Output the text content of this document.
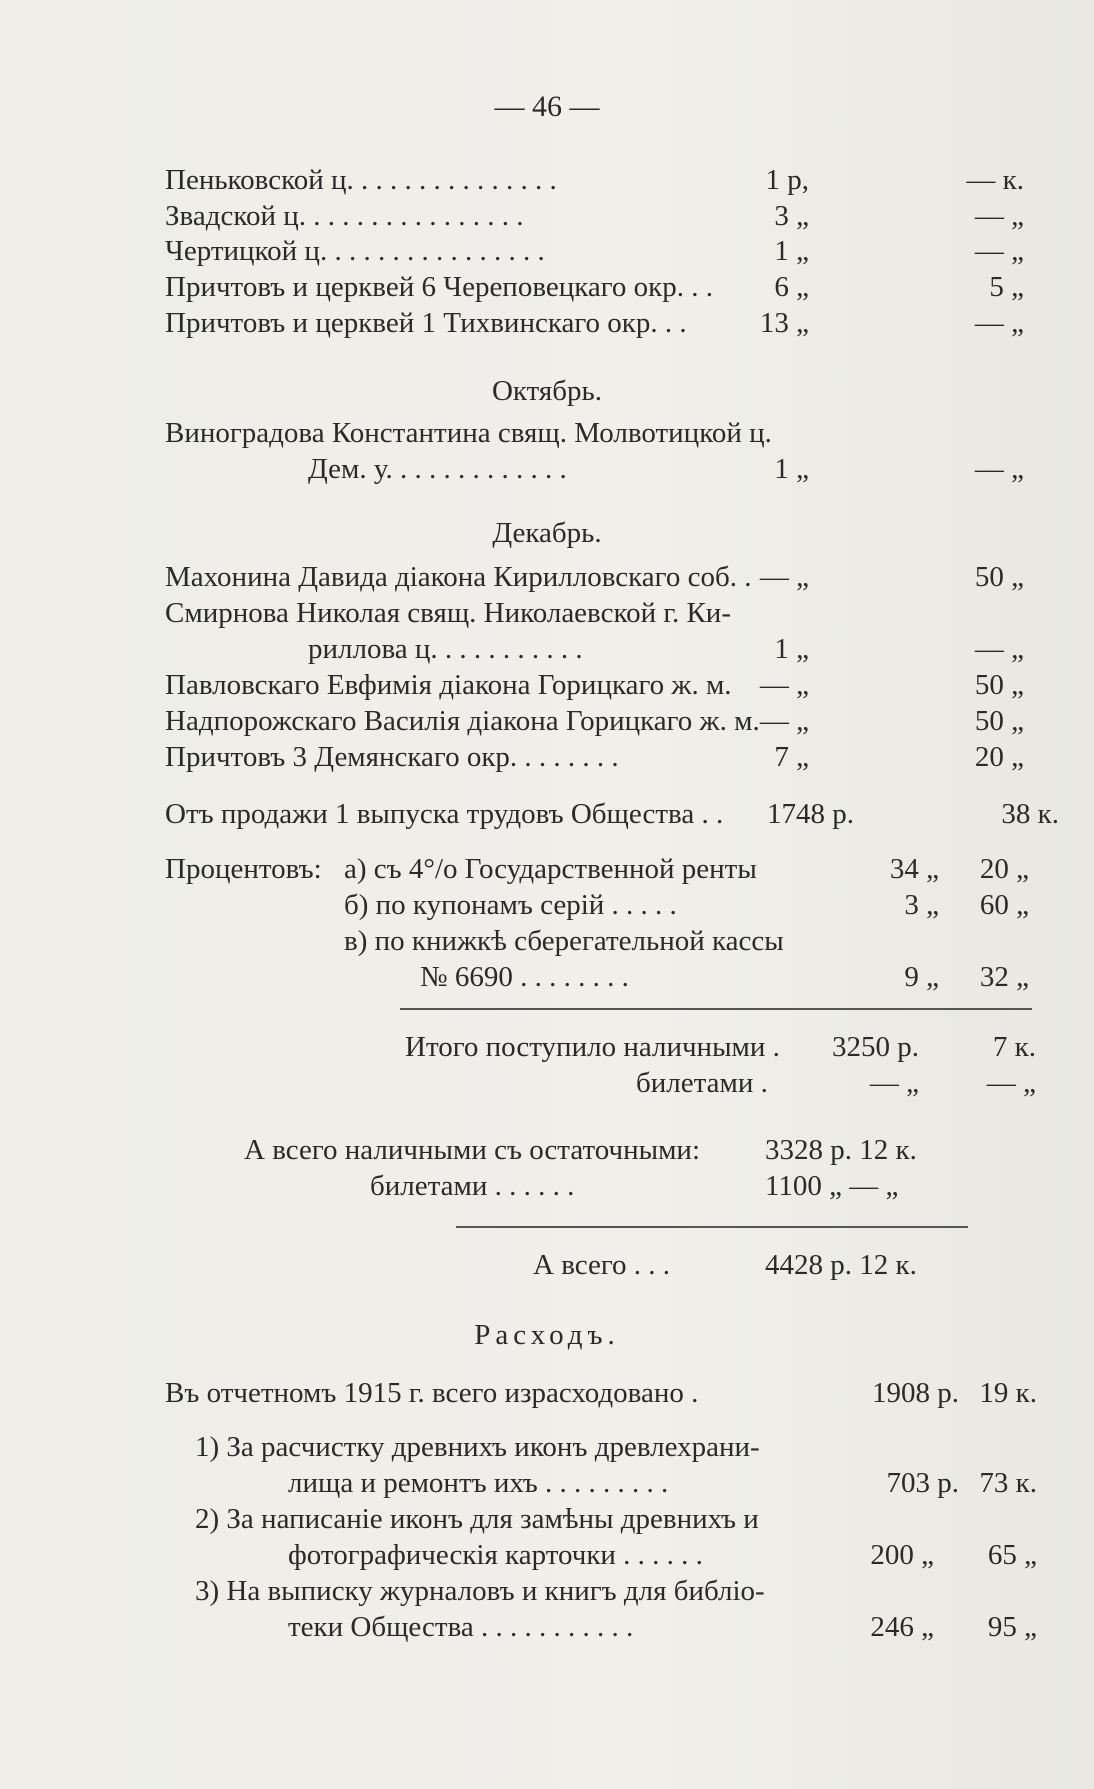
— 46 —
Пеньковской ц. . . . . . . . . . . . . . .	1 р,	— к.
Звадской ц. . . . . . . . . . . . . . . .	3 „	— „
Чертицкой ц. . . . . . . . . . . . . . . .	1 „	— „
Причтовъ и церквей 6 Череповецкаго окр. . .	6 „	5 „
Причтовъ и церквей 1 Тихвинскаго окр. . .	13 „	— „
Октябрь.
Виноградова Константина свящ. Молвотицкой ц.
Дем. у. . . . . . . . . . . . .	1 „	— „
Декабрь.
Махонина Давида дiакона Кирилловскаго соб. . — „	50 „
Смирнова Николая свящ. Николаевской г. Ки-
риллова ц. . . . . . . . . . .	1 „	— „
Павловскаго Евфимiя дiакона Горицкаго ж. м. — „	50 „
Надпорожскаго Василiя дiакона Горицкаго ж. м. — „	50 „
Причтовъ 3 Демянскаго окр. . . . . . . .	7 „	20 „
Отъ продажи 1 выпуска трудовъ Общества . .	1748 р.	38 к.
Процентовъ: а) съ 4°/о Государственной ренты	34 „	20 „
б) по купонамъ серiй . . . . .	3 „	60 „
в) по книжкѣ сберегательной кассы
№ 6690 . . . . . . . .	9 „	32 „
Итого поступило наличными .	3250 р.	7 к.
билетами .	— „	— „
А всего наличными съ остаточными: 3328 р. 12 к.
билетами . . . . . .	1100 „ — „
А всего . . .	4428 р. 12 к.
Расходъ.
Въ отчетномъ 1915 г. всего израсходовано .	1908 р. 19 к.
1) За расчистку древнихъ иконъ древлехрани-
лища и ремонтъ ихъ . . . . . . . . .	703 р. 73 к.
2) За написанiе иконъ для замѣны древнихъ и
фотографическiя карточки . . . . . .	200 „	65 „
3) На выписку журналовъ и книгъ для библiо-
теки Общества . . . . . . . . . . .	246 „	95 „
